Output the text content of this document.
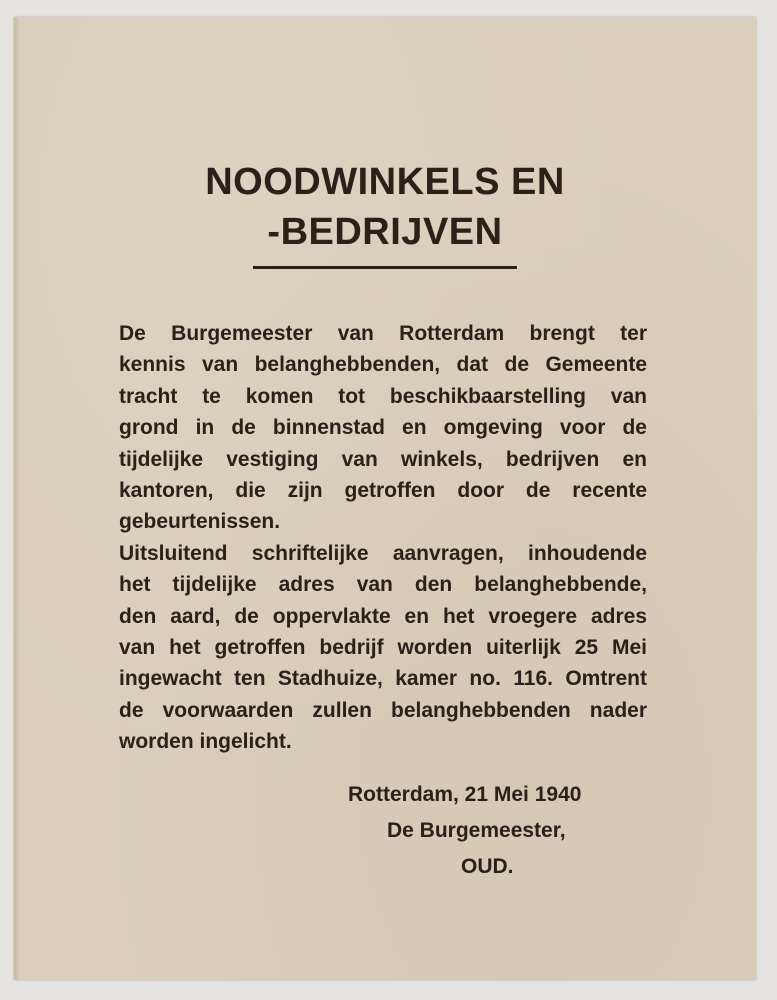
NOODWINKELS EN
-BEDRIJVEN
De Burgemeester van Rotterdam brengt ter
kennis van belanghebbenden, dat de Gemeente
tracht te komen tot beschikbaarstelling van
grond in de binnenstad en omgeving voor de
tijdelijke vestiging van winkels, bedrijven en
kantoren, die zijn getroffen door de recente
gebeurtenissen.
Uitsluitend schriftelijke aanvragen, inhoudende
het tijdelijke adres van den belanghebbende,
den aard, de oppervlakte en het vroegere adres
van het getroffen bedrijf worden uiterlijk 25 Mei
ingewacht ten Stadhuize, kamer no. 116. Omtrent
de voorwaarden zullen belanghebbenden nader
worden ingelicht.
Rotterdam, 21 Mei 1940
De Burgemeester,
OUD.
